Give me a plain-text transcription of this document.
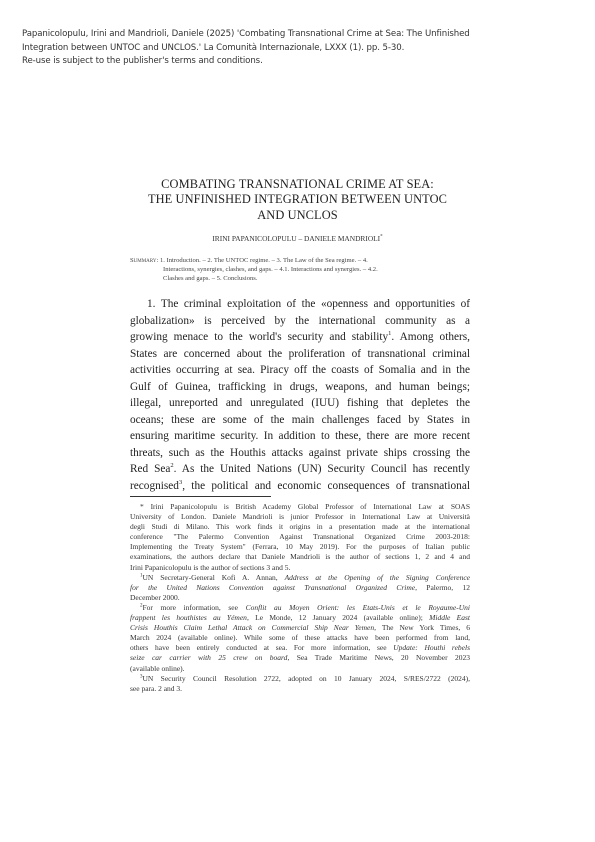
Papanicolopulu, Irini and Mandrioli, Daniele (2025) 'Combating Transnational Crime at Sea: The Unfinished
Integration between UNTOC and UNCLOS.' La Comunità Internazionale, LXXX (1). pp. 5-30.
Re-use is subject to the publisher's terms and conditions.
COMBATING TRANSNATIONAL CRIME AT SEA:
THE UNFINISHED INTEGRATION BETWEEN UNTOC
AND UNCLOS
IRINI PAPANICOLOPULU – DANIELE MANDRIOLI*
Summary: 1. Introduction. – 2. The UNTOC regime. – 3. The Law of the Sea regime. – 4.
Interactions, synergies, clashes, and gaps. – 4.1. Interactions and synergies. – 4.2.
Clashes and gaps. – 5. Conclusions.
1. The criminal exploitation of the «openness and opportunities of
globalization» is perceived by the international community as a
growing menace to the world's security and stability$^1$. Among others,
States are concerned about the proliferation of transnational criminal
activities occurring at sea. Piracy off the coasts of Somalia and in the
Gulf of Guinea, trafficking in drugs, weapons, and human beings;
illegal, unreported and unregulated (IUU) fishing that depletes the
oceans; these are some of the main challenges faced by States in
ensuring maritime security. In addition to these, there are more recent
threats, such as the Houthis attacks against private ships crossing the
Red Sea$^2$. As the United Nations (UN) Security Council has recently
recognised$^3$, the political and economic consequences of transnational
* Irini Papanicolopulu is British Academy Global Professor of International Law at SOAS
University of London. Daniele Mandrioli is junior Professor in International Law at Università
degli Studi di Milano. This work finds it origins in a presentation made at the international
conference "The Palermo Convention Against Transnational Organized Crime 2003-2018:
Implementing the Treaty System" (Ferrara, 10 May 2019). For the purposes of Italian public
examinations, the authors declare that Daniele Mandrioli is the author of sections 1, 2 and 4 and
Irini Papanicolopulu is the author of sections 3 and 5.
$^1$UN Secretary-General Kofi A. Annan, Address at the Opening of the Signing Conference
for the United Nations Convention against Transnational Organized Crime, Palermo, 12
December 2000.
$^2$For more information, see Conflit au Moyen Orient: les Etats-Unis et le Royaume-Uni
frappent les houthistes au Yémen, Le Monde, 12 January 2024 (available online); Middle East
Crisis Houthis Claim Lethal Attack on Commercial Ship Near Yemen, The New York Times, 6
March 2024 (available online). While some of these attacks have been performed from land,
others have been entirely conducted at sea. For more information, see Update: Houthi rebels
seize car carrier with 25 crew on board, Sea Trade Maritime News, 20 November 2023
(available online).
$^3$UN Security Council Resolution 2722, adopted on 10 January 2024, S/RES/2722 (2024),
see para. 2 and 3.
